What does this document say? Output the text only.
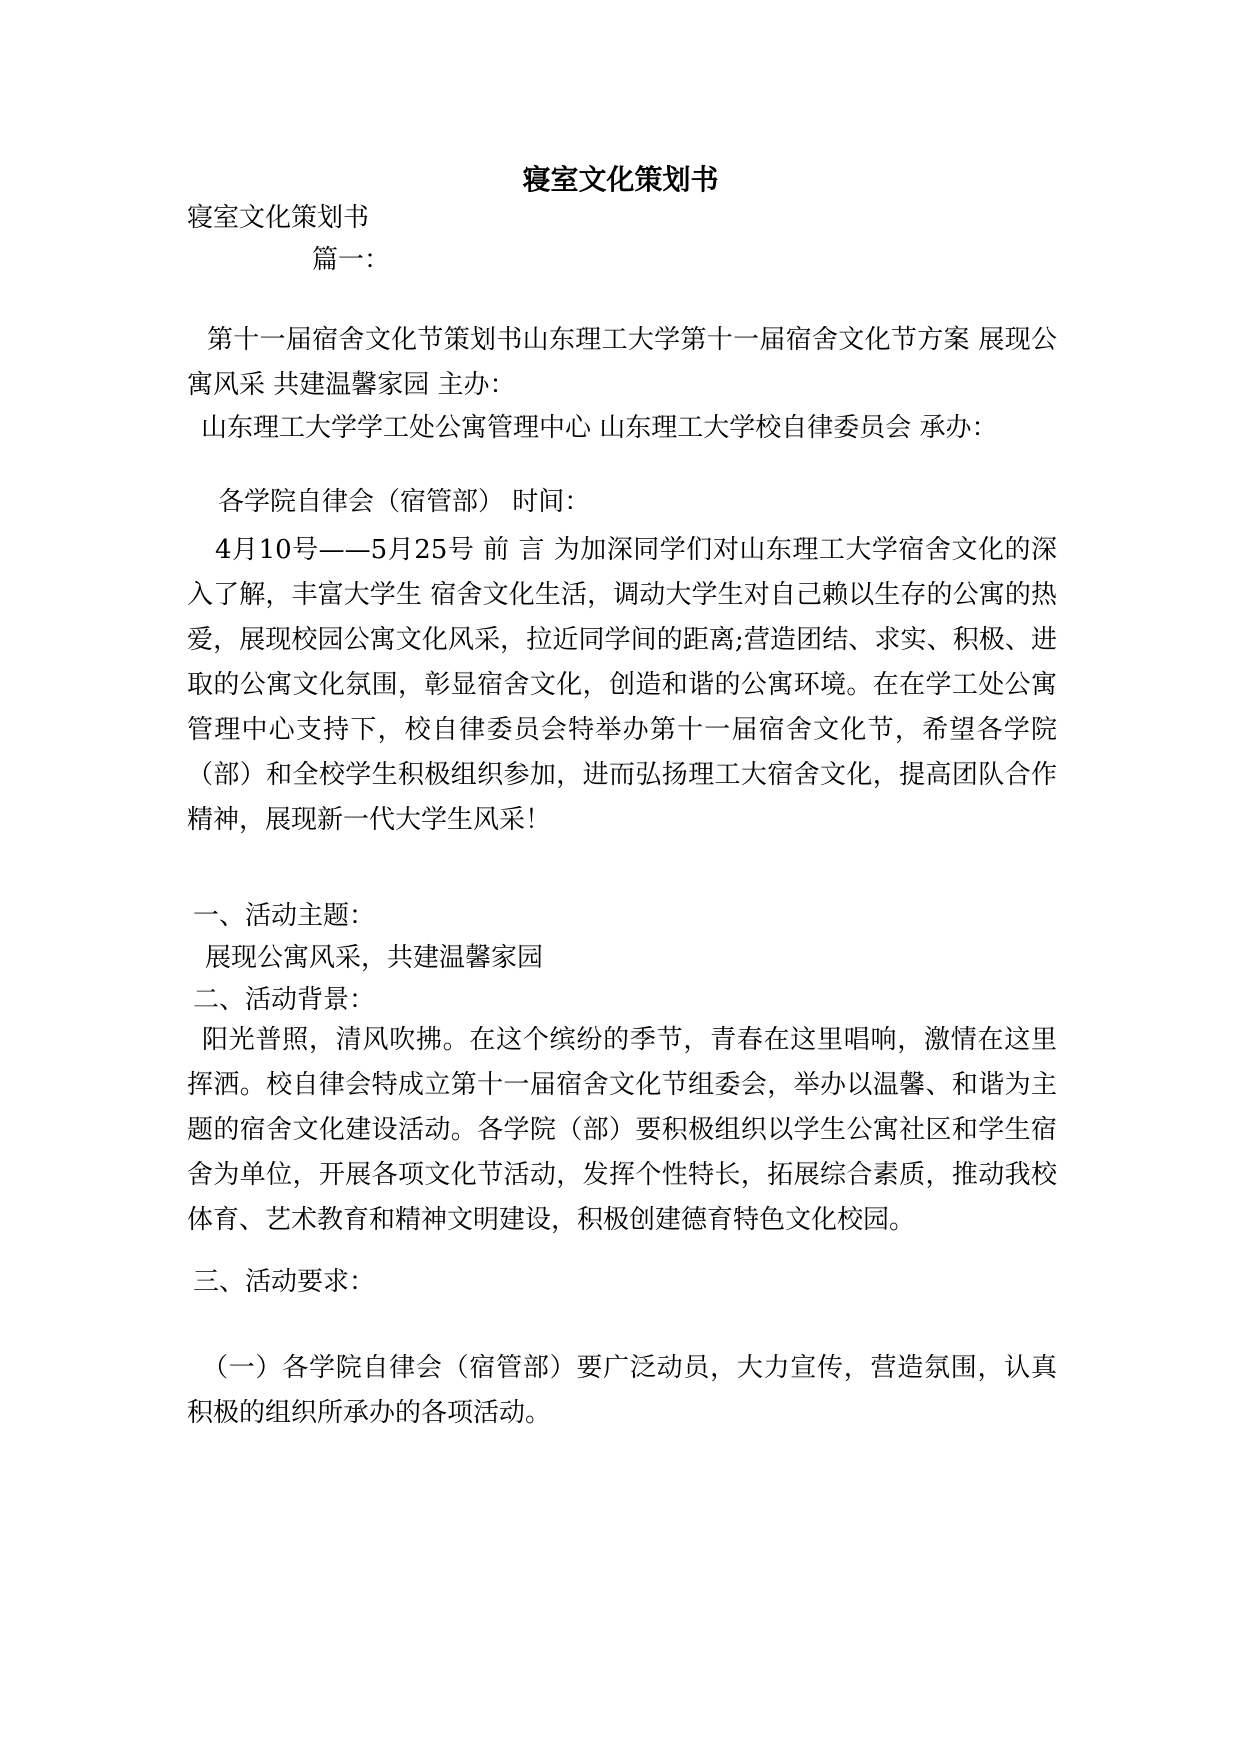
寝室文化策划书

寝室文化策划书

篇一：

第十一届宿舍文化节策划书山东理工大学第十一届宿舍文化节方案 展现公寓风采 共建温馨家园 主办：

山东理工大学学工处公寓管理中心 山东理工大学校自律委员会 承办：

各学院自律会（宿管部） 时间：

4月10号——5月25号 前 言 为加深同学们对山东理工大学宿舍文化的深入了解，丰富大学生 宿舍文化生活，调动大学生对自己赖以生存的公寓的热爱，展现校园公寓文化风采，拉近同学间的距离;营造团结、求实、积极、进取的公寓文化氛围，彰显宿舍文化，创造和谐的公寓环境。在在学工处公寓管理中心支持下，校自律委员会特举办第十一届宿舍文化节，希望各学院（部）和全校学生积极组织参加，进而弘扬理工大宿舍文化，提高团队合作精神，展现新一代大学生风采！

一、活动主题：

展现公寓风采，共建温馨家园

二、活动背景：

阳光普照，清风吹拂。在这个缤纷的季节，青春在这里唱响，激情在这里挥洒。校自律会特成立第十一届宿舍文化节组委会，举办以温馨、和谐为主题的宿舍文化建设活动。各学院（部）要积极组织以学生公寓社区和学生宿舍为单位，开展各项文化节活动，发挥个性特长，拓展综合素质，推动我校体育、艺术教育和精神文明建设，积极创建德育特色文化校园。

三、活动要求：

（一）各学院自律会（宿管部）要广泛动员，大力宣传，营造氛围，认真积极的组织所承办的各项活动。
